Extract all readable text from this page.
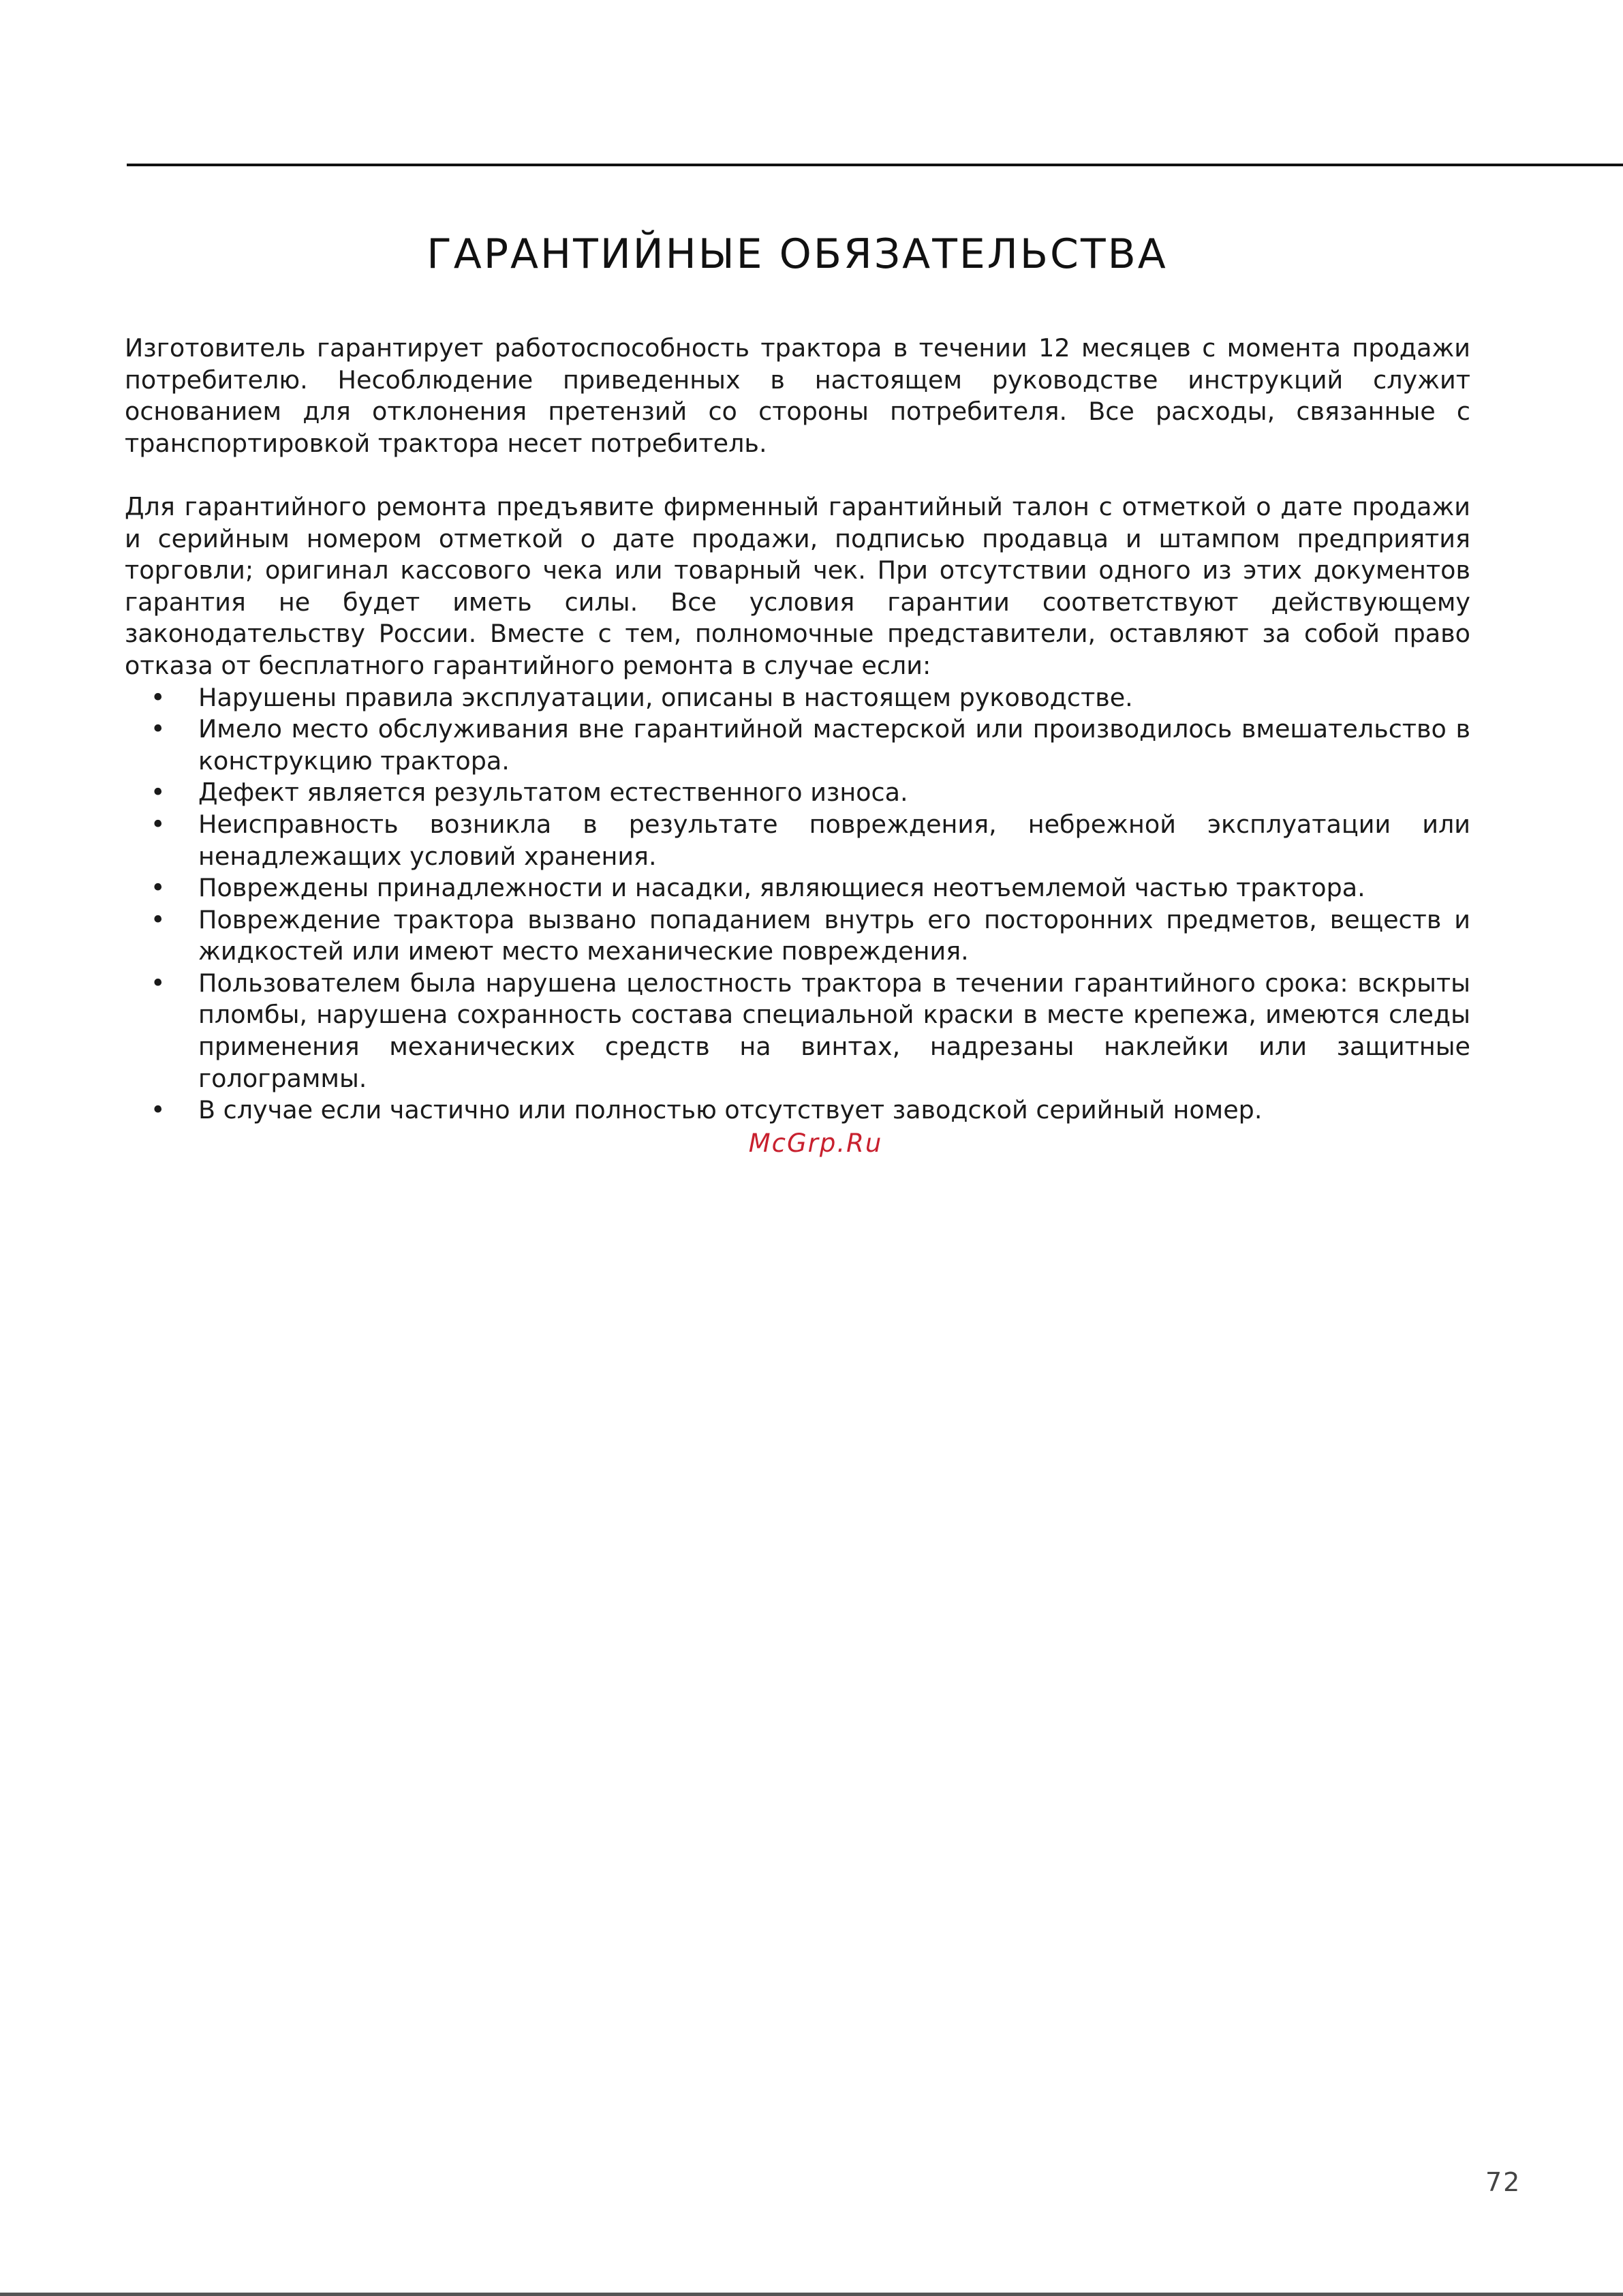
ГАРАНТИЙНЫЕ ОБЯЗАТЕЛЬСТВА

Изготовитель гарантирует работоспособность трактора в течении 12 месяцев с момента продажи потребителю. Несоблюдение приведенных в настоящем руководстве инструкций служит основанием для отклонения претензий со стороны потребителя. Все расходы, связанные с транспортировкой трактора несет потребитель.

Для гарантийного ремонта предъявите фирменный гарантийный талон с отметкой о дате продажи и серийным номером отметкой о дате продажи, подписью продавца и штампом предприятия торговли; оригинал кассового чека или товарный чек. При отсутствии одного из этих документов гарантия не будет иметь силы. Все условия гарантии соответствуют действующему законодательству России. Вместе с тем, полномочные представители, оставляют за собой право отказа от бесплатного гарантийного ремонта в случае если:

• Нарушены правила эксплуатации, описаны в настоящем руководстве.
• Имело место обслуживания вне гарантийной мастерской или производилось вмешательство в конструкцию трактора.
• Дефект является результатом естественного износа.
• Неисправность возникла в результате повреждения, небрежной эксплуатации или ненадлежащих условий хранения.
• Повреждены принадлежности и насадки, являющиеся неотъемлемой частью трактора.
• Повреждение трактора вызвано попаданием внутрь его посторонних предметов, веществ и жидкостей или имеют место механические повреждения.
• Пользователем была нарушена целостность трактора в течении гарантийного срока: вскрыты пломбы, нарушена сохранность состава специальной краски в месте крепежа, имеются следы применения механических средств на винтах, надрезаны наклейки или защитные голограммы.
• В случае если частично или полностью отсутствует заводской серийный номер.
McGrp.Ru
72
